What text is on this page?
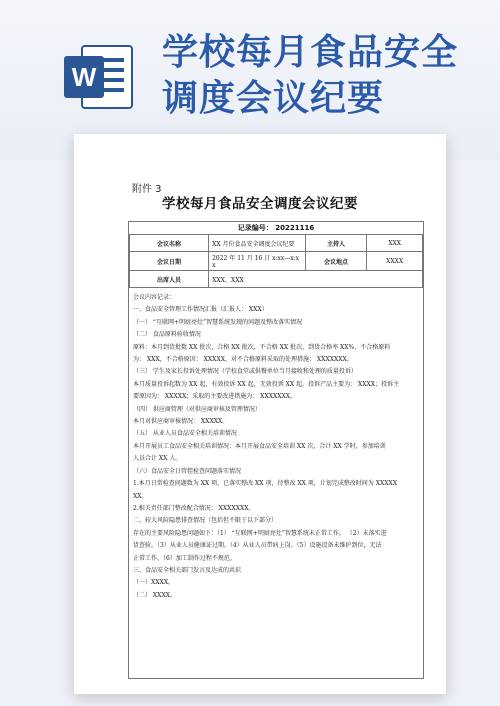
W
学校每月食品安全
调度会议纪要
附件 3
学校每月食品安全调度会议纪要
记录编号： 20221116
会议名称	XX 月份食品安全调度会议纪要	主持人	XXX
会议日期	2022 年 11 月 16 日 x:xx—x:x
x	会议地点	XXXX
出席人员	XXX、XXX		

会议内容记录：

一、食品安全管理工作情况汇报（汇报人： XXX）

（一） “互联网+明厨亮灶”智慧系统发现的问题及整改落实情况

（二） 食品原料验收情况

原料：本月到货批数 XX 批次，合格 XX 批次，不合格 XX 批次，到货合格率 XX%，不合格原料

为： XXX，不合格原因： XXXXX，对不合格原料采取的处理措施： XXXXXXX。

（三） 学生及家长投诉处理情况（学校食堂或供餐单位当月接收和处理的质量投诉）

本月质量投诉起数为 XX 起，有效投诉 XX 起，无效投诉 XX 起。投诉产品主要为： XXXX；投诉主

要原因为： XXXXX；采取的主要改进措施为： XXXXXXX。

（四） 供应商管理（对供应商审核及管理情况）

本月对供应商审核情况： XXXXX。

（五） 从业人员食品安全相关培训情况

本月开展员工食品安全相关培训情况：本月开展食品安全培训 XX 次，合计 XX 学时，参加培训

人员合计 XX 人。

（六）食品安全日管控检查问题落实情况

1.本月日常检查问题数为 XX 项，已落实整改 XX 项，待整改 XX 项，计划完成整改时间为 XXXXX

XX。

2.相关责任部门整改配合情况： XXXXXXX。

二、较大风险隐患排查情况（包括但不限于以下部分）

存在的主要风险隐患问题如下：（1） “互联网+明厨亮灶”智慧系统未正常工作。 （2）未落实进

货查验。（3）从业人员健康证过期。（4）从业人员带病上岗。（5）设施设备未维护到位，无法

正常工作。（6）加工制作过程不规范。

三、食品安全相关部门发言及达成的共识

（一）XXXX。

（二） XXXX。
